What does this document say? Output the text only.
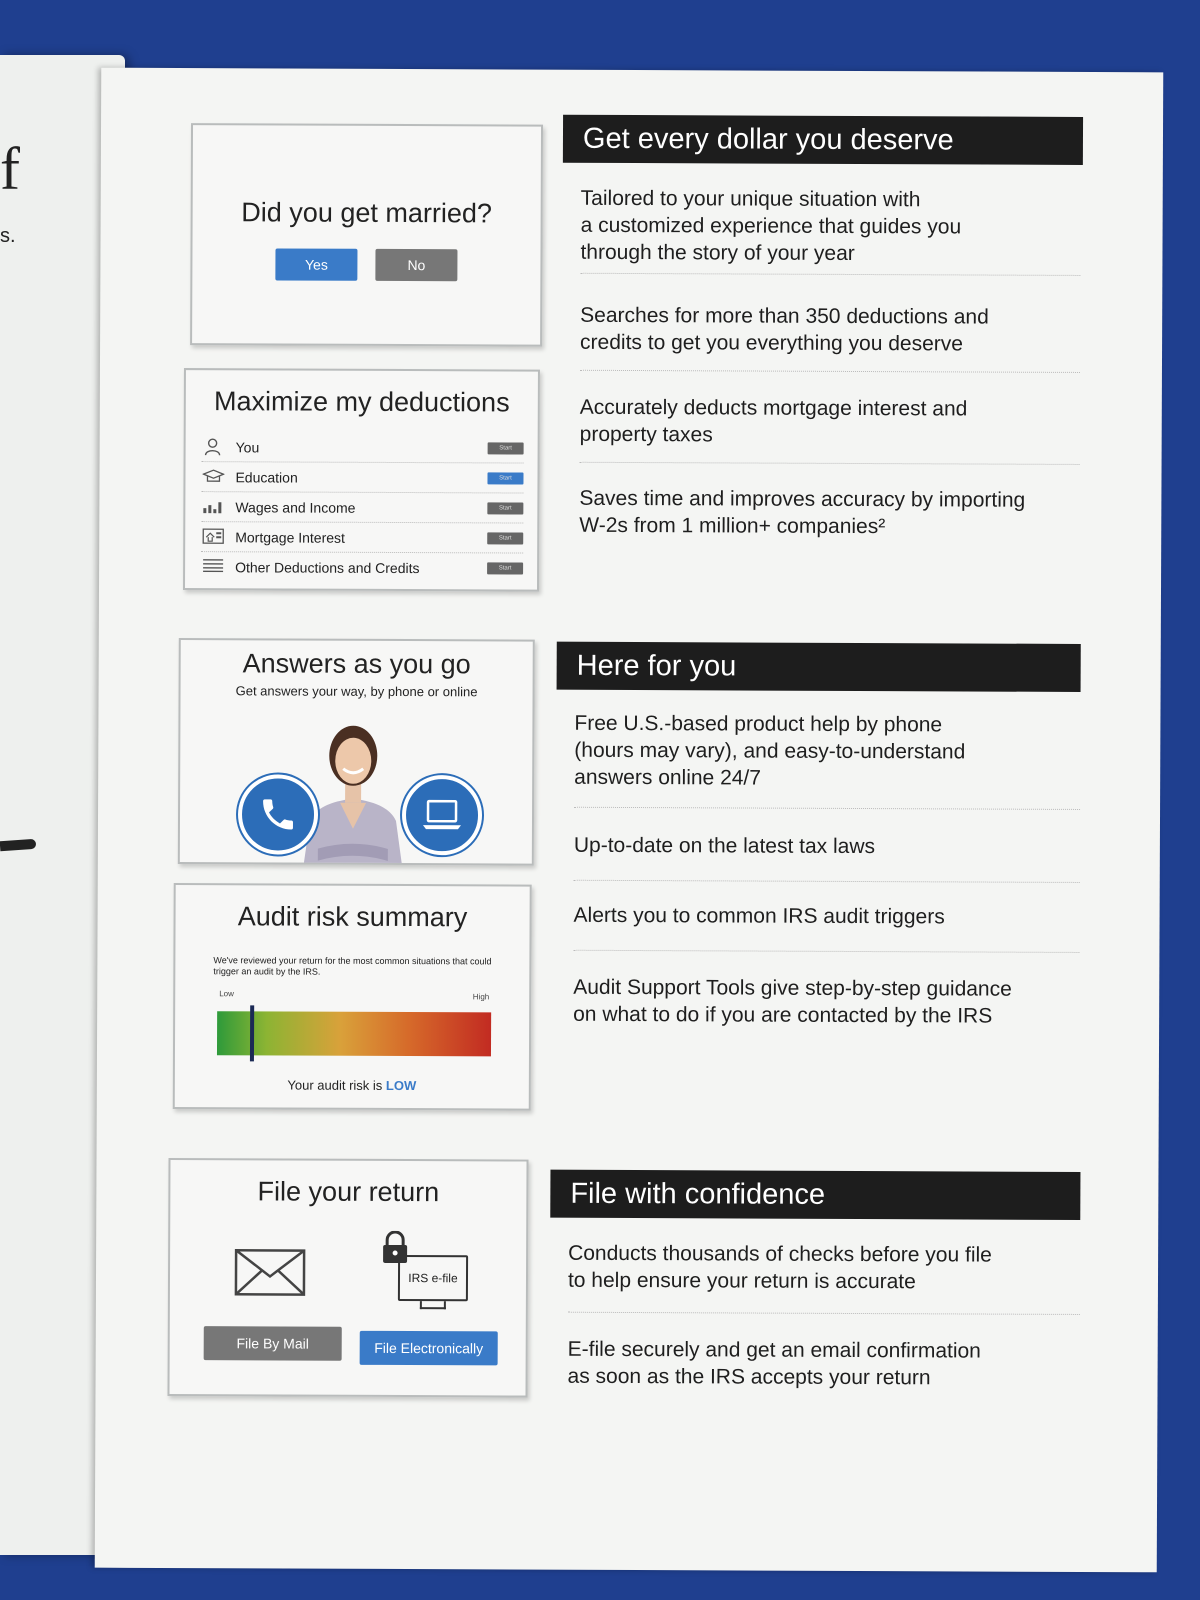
f
s.
Did you get married?
Yes	No
Maximize my deductions
You	Start
Education	Start
Wages and Income	Start
Mortgage Interest	Start
Other Deductions and Credits	Start
Answers as you go
Get answers your way, by phone or online
Audit risk summary
We've reviewed your return for the most common situations that could trigger an audit by the IRS.
Low	High
Your audit risk is LOW
File your return
IRS e-file
File By Mail	File Electronically
Get every dollar you deserve
Tailored to your unique situation with
a customized experience that guides you
through the story of your year
Searches for more than 350 deductions and
credits to get you everything you deserve
Accurately deducts mortgage interest and
property taxes
Saves time and improves accuracy by importing
W-2s from 1 million+ companies²
Here for you
Free U.S.-based product help by phone
(hours may vary), and easy-to-understand
answers online 24/7
Up-to-date on the latest tax laws
Alerts you to common IRS audit triggers
Audit Support Tools give step-by-step guidance
on what to do if you are contacted by the IRS
File with confidence
Conducts thousands of checks before you file
to help ensure your return is accurate
E-file securely and get an email confirmation
as soon as the IRS accepts your return
